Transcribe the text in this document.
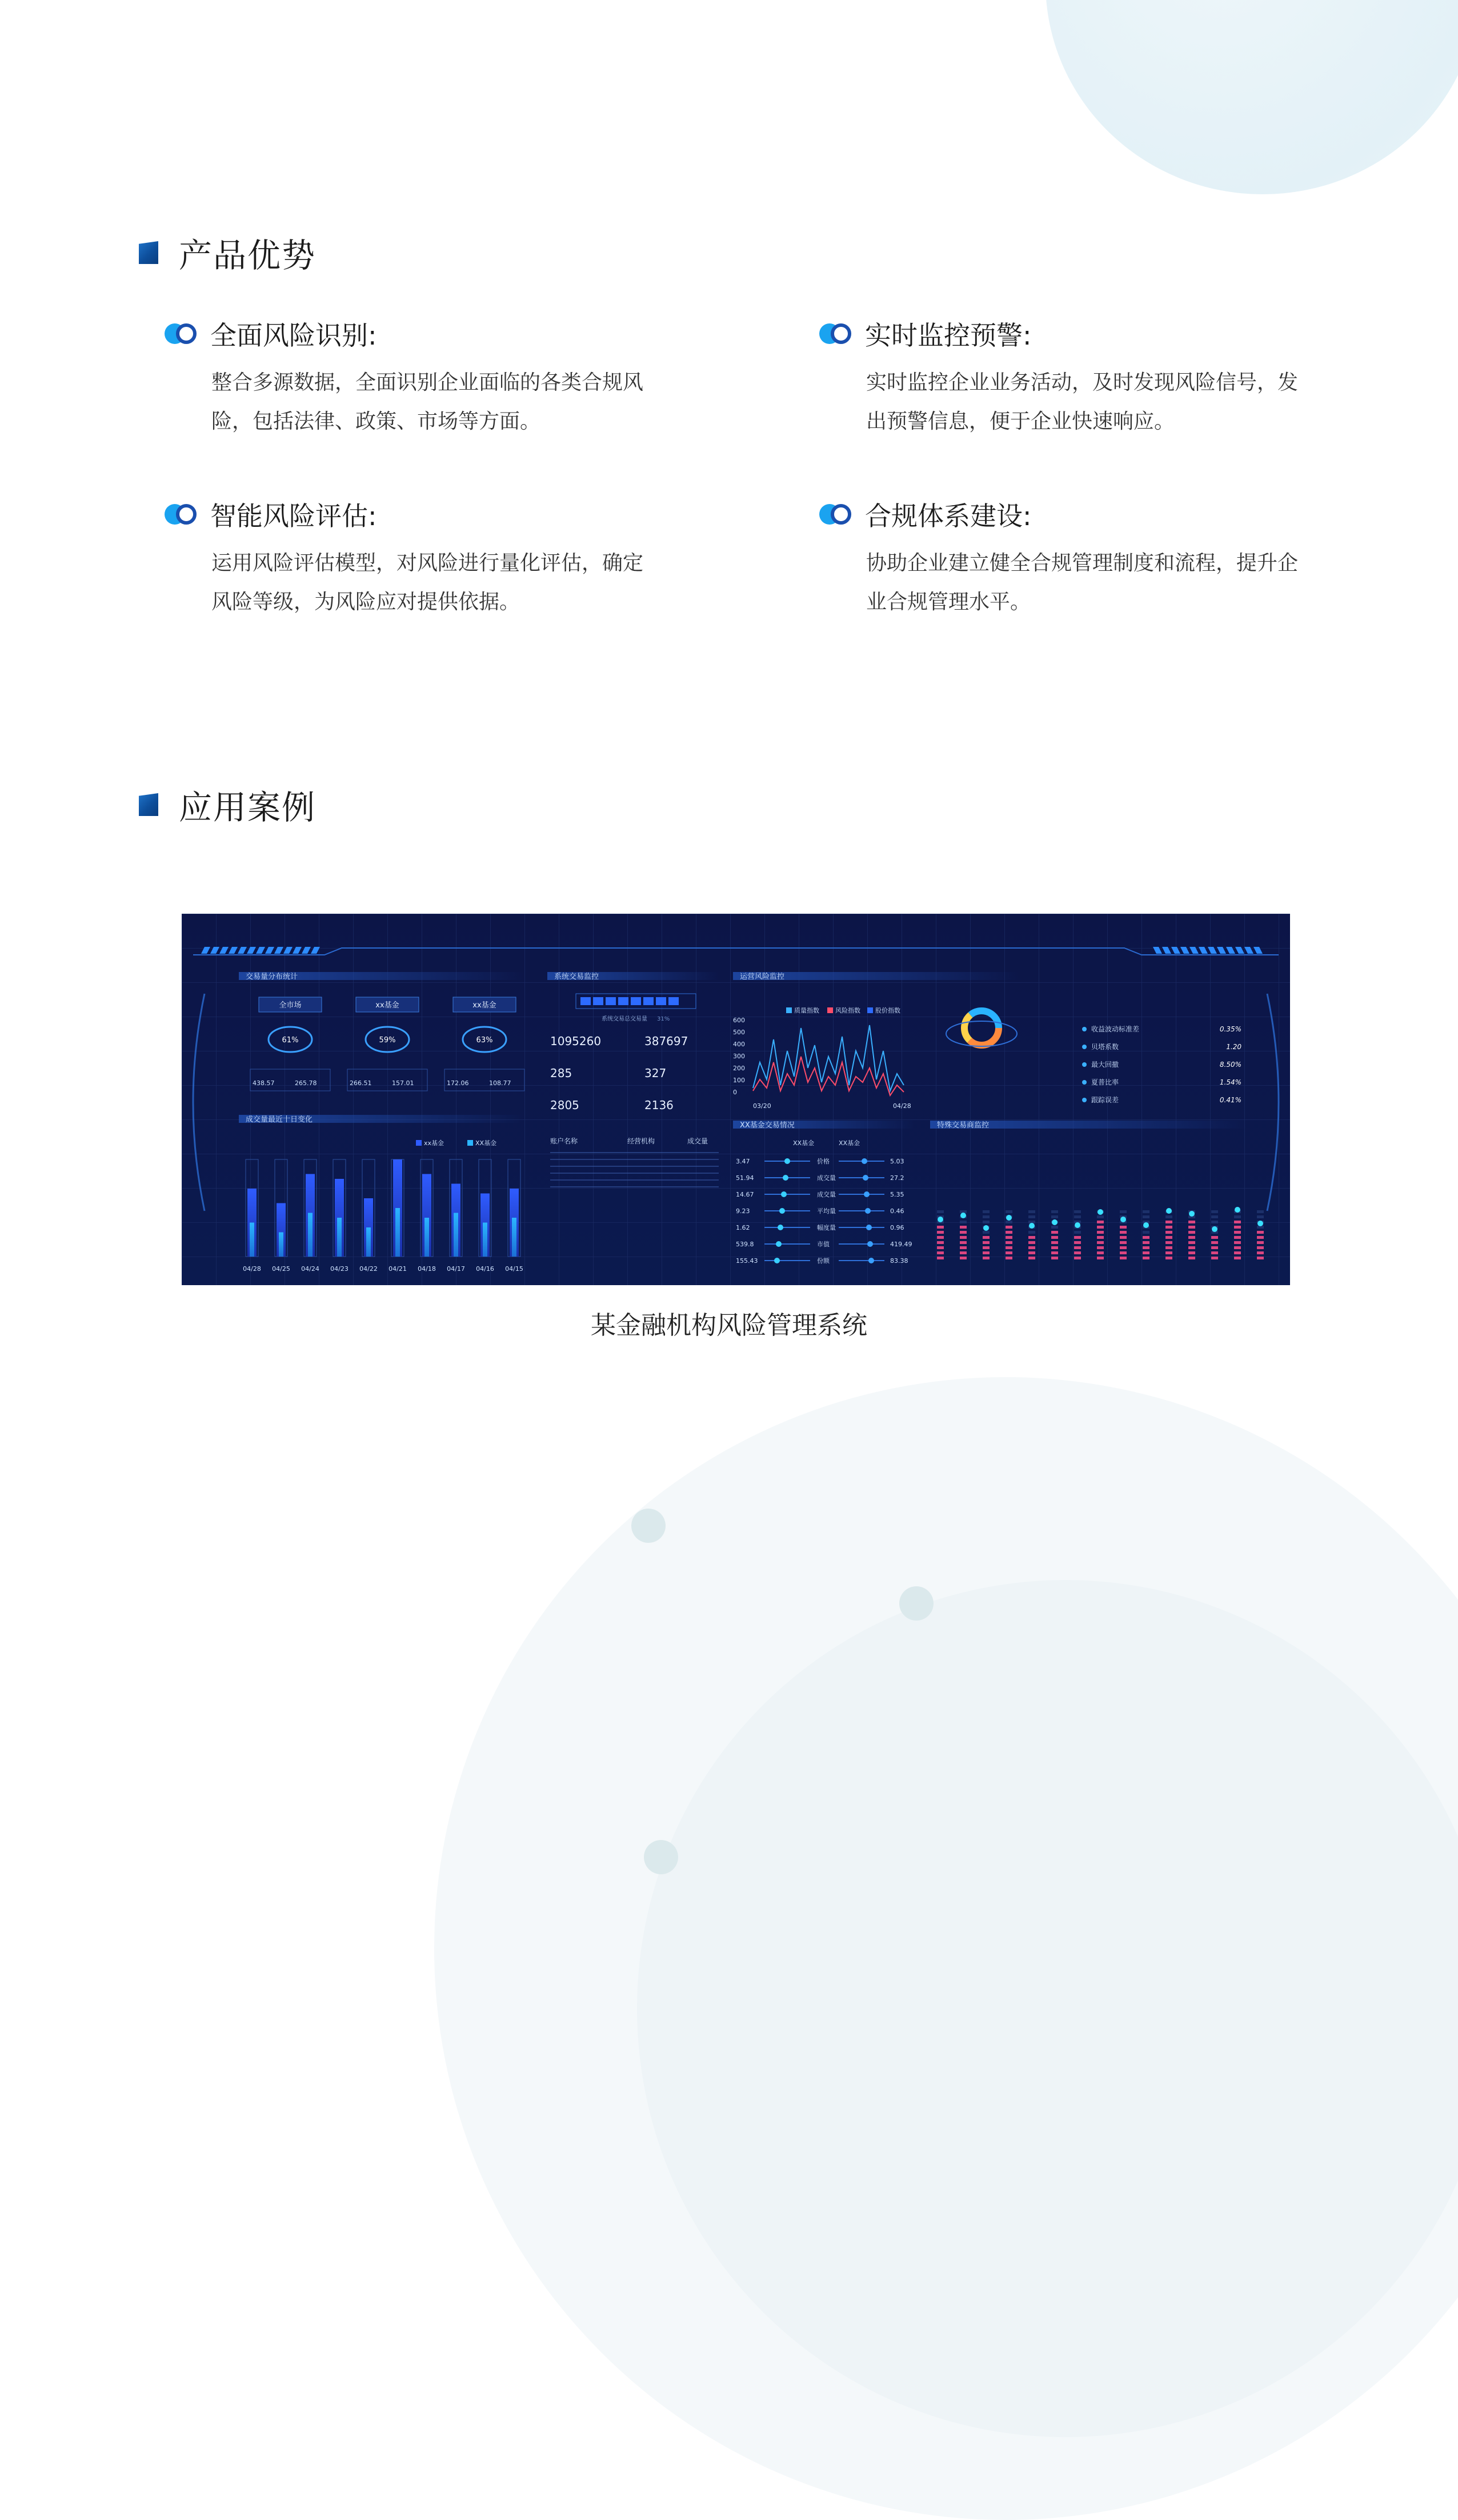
产品优势
全面风险识别:
整合多源数据，全面识别企业面临的各类合规风险，包括法律、政策、市场等方面。
实时监控预警:
实时监控企业业务活动，及时发现风险信号，发出预警信息，便于企业快速响应。
智能风险评估:
运用风险评估模型，对风险进行量化评估，确定风险等级，为风险应对提供依据。
合规体系建设:
协助企业建立健全合规管理制度和流程，提升企业合规管理水平。
应用案例
交易量分布统计	系统交易监控	运营风险监控
成交量最近十日变化
XX基金交易情况	特殊交易商监控
全市场	xx基金	xx基金
61%	59%	63%
438.57	265.78	266.51	157.01	172.06	108.77
系统交易总交易量 31%
1095260	387697
285	327
2805	2136
账户名称	经营机构	成交量
质量指数	风险指数 股价指数
600
500
400
300
200
100
0
03/20	04/28
收益波动标准差	0.35%
贝塔系数	1.20
最大回撤	8.50%
夏普比率	1.54%
跟踪误差	0.41%
xx基金	XX基金
04/28 04/25 04/24 04/23 04/22 04/21 04/18 04/17 04/16 04/15
XX基金	XX基金
3.47	价格	5.03
51.94	成交量	27.2
14.67	成交量	5.35
9.23	平均量	0.46
1.62	幅度量	0.96
539.8	市值	419.49
155.43	份额	83.38
某金融机构风险管理系统
